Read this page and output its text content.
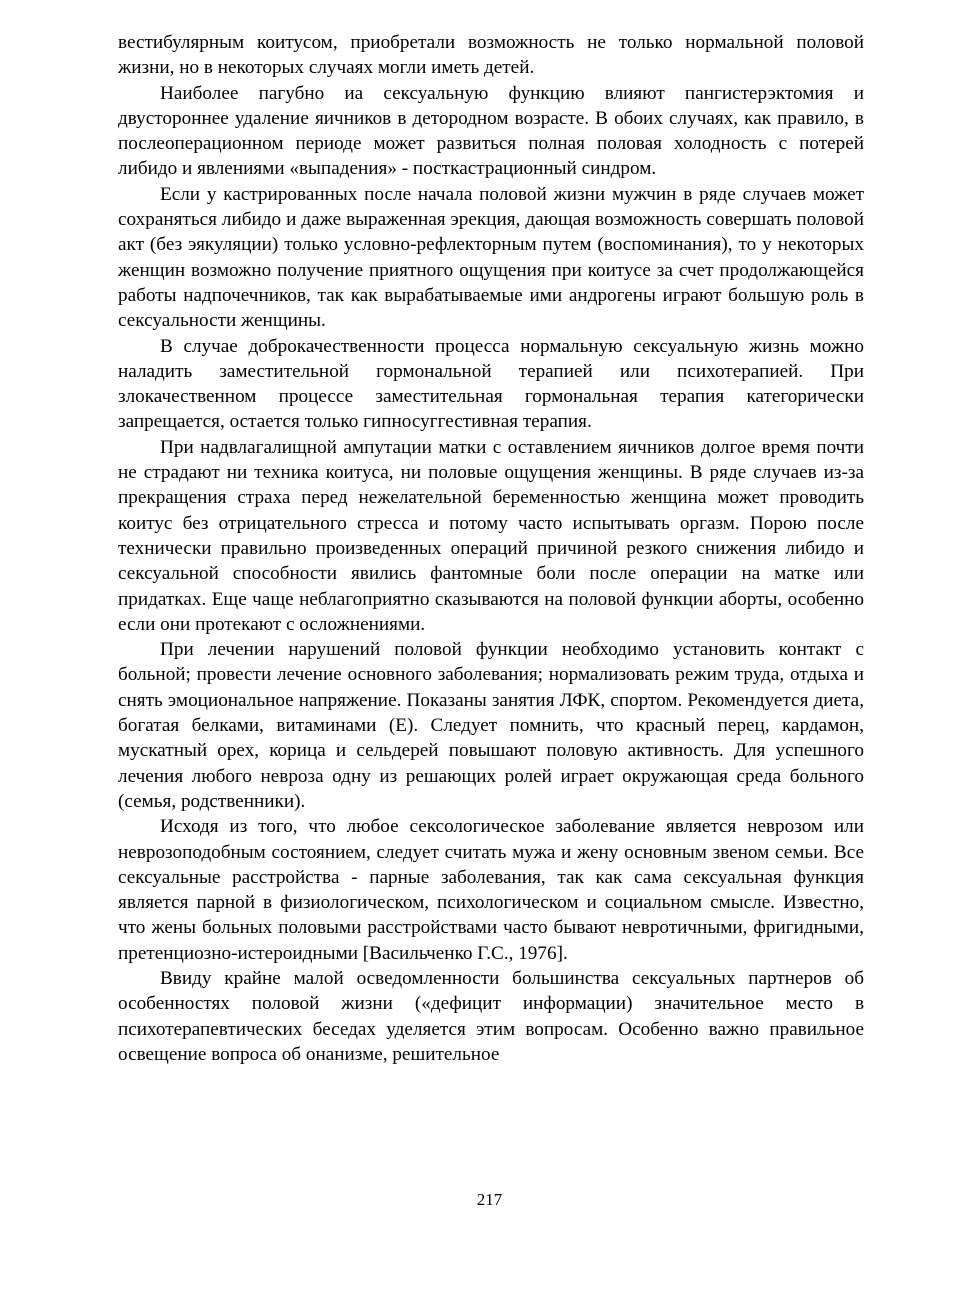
вестибулярным коитусом, приобретали возможность не только нормальной половой жизни, но в некоторых случаях могли иметь детей.

Наиболее пагубно иа сексуальную функцию влияют пангистерэктомия и двустороннее удаление яичников в детородном возрасте. В обоих случаях, как правило, в послеоперационном периоде может развиться полная половая холодность с потерей либидо и явлениями «выпадения» - посткастрационный синдром.

Если у кастрированных после начала половой жизни мужчин в ряде случаев может сохраняться либидо и даже выраженная эрекция, дающая возможность совершать половой акт (без эякуляции) только условно-рефлекторным путем (воспоминания), то у некоторых женщин возможно получение приятного ощущения при коитусе за счет продолжающейся работы надпочечников, так как вырабатываемые ими андрогены играют большую роль в сексуальности женщины.

В случае доброкачественности процесса нормальную сексуальную жизнь можно наладить заместительной гормональной терапией или психотерапией. При злокачественном процессе заместительная гормональная терапия категорически запрещается, остается только гипносуггестивная терапия.

При надвлагалищной ампутации матки с оставлением яичников долгое время почти не страдают ни техника коитуса, ни половые ощущения женщины. В ряде случаев из-за прекращения страха перед нежелательной беременностью женщина может проводить коитус без отрицательного стресса и потому часто испытывать оргазм. Порою после технически правильно произведенных операций причиной резкого снижения либидо и сексуальной способности явились фантомные боли после операции на матке или придатках. Еще чаще неблагоприятно сказываются на половой функции аборты, особенно если они протекают с осложнениями.

При лечении нарушений половой функции необходимо установить контакт с больной; провести лечение основного заболевания; нормализовать режим труда, отдыха и снять эмоциональное напряжение. Показаны занятия ЛФК, спортом. Рекомендуется диета, богатая белками, витаминами (Е). Следует помнить, что красный перец, кардамон, мускатный орех, корица и сельдерей повышают половую активность. Для успешного лечения любого невроза одну из решающих ролей играет окружающая среда больного (семья, родственники).

Исходя из того, что любое сексологическое заболевание является неврозом или неврозоподобным состоянием, следует считать мужа и жену основным звеном семьи. Все сексуальные расстройства - парные заболевания, так как сама сексуальная функция является парной в физиологическом, психологическом и социальном смысле. Известно, что жены больных половыми расстройствами часто бывают невротичными, фригидными, претенциозно-истероидными [Васильченко Г.С., 1976].

Ввиду крайне малой осведомленности большинства сексуальных партнеров об особенностях половой жизни («дефицит информации) значительное место в психотерапевтических беседах уделяется этим вопросам. Особенно важно правильное освещение вопроса об онанизме, решительное

217
